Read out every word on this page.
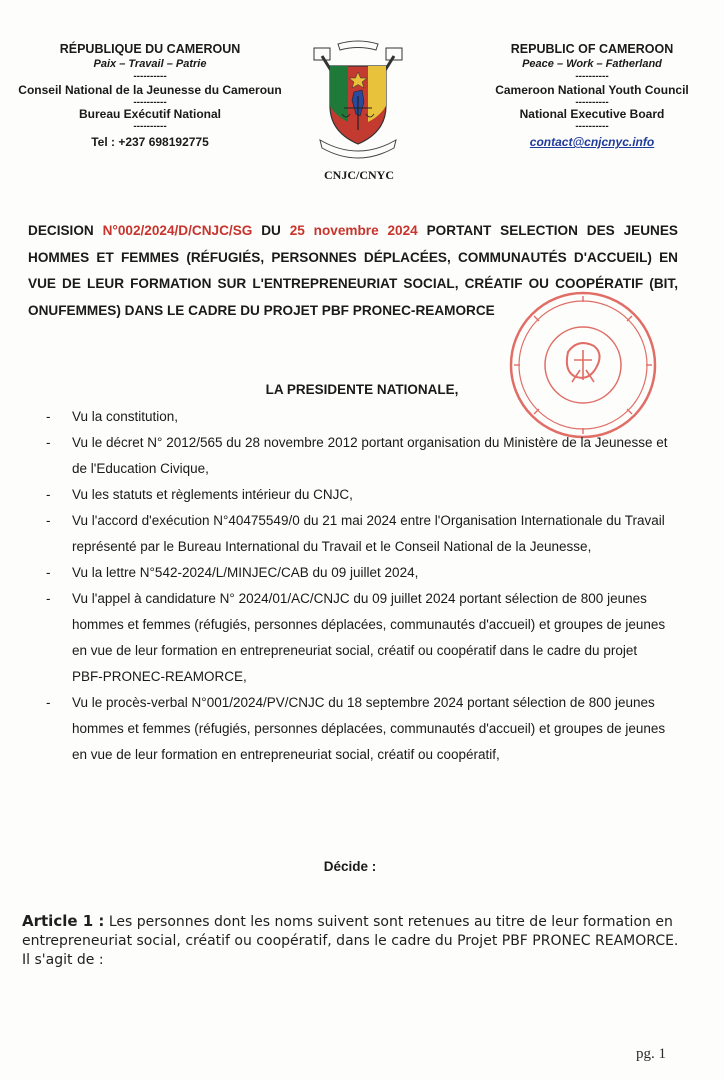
RÉPUBLIQUE DU CAMEROUN
Paix – Travail – Patrie
----------
Conseil National de la Jeunesse du Cameroun
----------
Bureau Exécutif National
----------
Tel : +237 698192775
CNJC/CNYC
REPUBLIC OF CAMEROON
Peace – Work – Fatherland
----------
Cameroon National Youth Council
----------
National Executive Board
----------
contact@cnjcnyc.info
DECISION N°002/2024/D/CNJC/SG DU 25 novembre 2024 PORTANT SELECTION DES JEUNES HOMMES ET FEMMES (RÉFUGIÉS, PERSONNES DÉPLACÉES, COMMUNAUTÉS D'ACCUEIL) EN VUE DE LEUR FORMATION SUR L'ENTREPRENEURIAT SOCIAL, CRÉATIF OU COOPÉRATIF (BIT, ONUFEMMES) DANS LE CADRE DU PROJET PBF PRONEC-REAMORCE
LA PRESIDENTE NATIONALE,
- Vu la constitution,
- Vu le décret N° 2012/565 du 28 novembre 2012 portant organisation du Ministère de la Jeunesse et de l'Education Civique,
- Vu les statuts et règlements intérieur du CNJC,
- Vu l'accord d'exécution N°40475549/0 du 21 mai 2024 entre l'Organisation Internationale du Travail représenté par le Bureau International du Travail et le Conseil National de la Jeunesse,
- Vu la lettre N°542-2024/L/MINJEC/CAB du 09 juillet 2024,
- Vu l'appel à candidature N° 2024/01/AC/CNJC du 09 juillet 2024 portant sélection de 800 jeunes hommes et femmes (réfugiés, personnes déplacées, communautés d'accueil) et groupes de jeunes en vue de leur formation en entrepreneuriat social, créatif ou coopératif dans le cadre du projet PBF-PRONEC-REAMORCE,
- Vu le procès-verbal N°001/2024/PV/CNJC du 18 septembre 2024 portant sélection de 800 jeunes hommes et femmes (réfugiés, personnes déplacées, communautés d'accueil) et groupes de jeunes en vue de leur formation en entrepreneuriat social, créatif ou coopératif,
Décide :
Article 1 : Les personnes dont les noms suivent sont retenues au titre de leur formation en entrepreneuriat social, créatif ou coopératif, dans le cadre du Projet PBF PRONEC REAMORCE. Il s'agit de :
pg. 1
